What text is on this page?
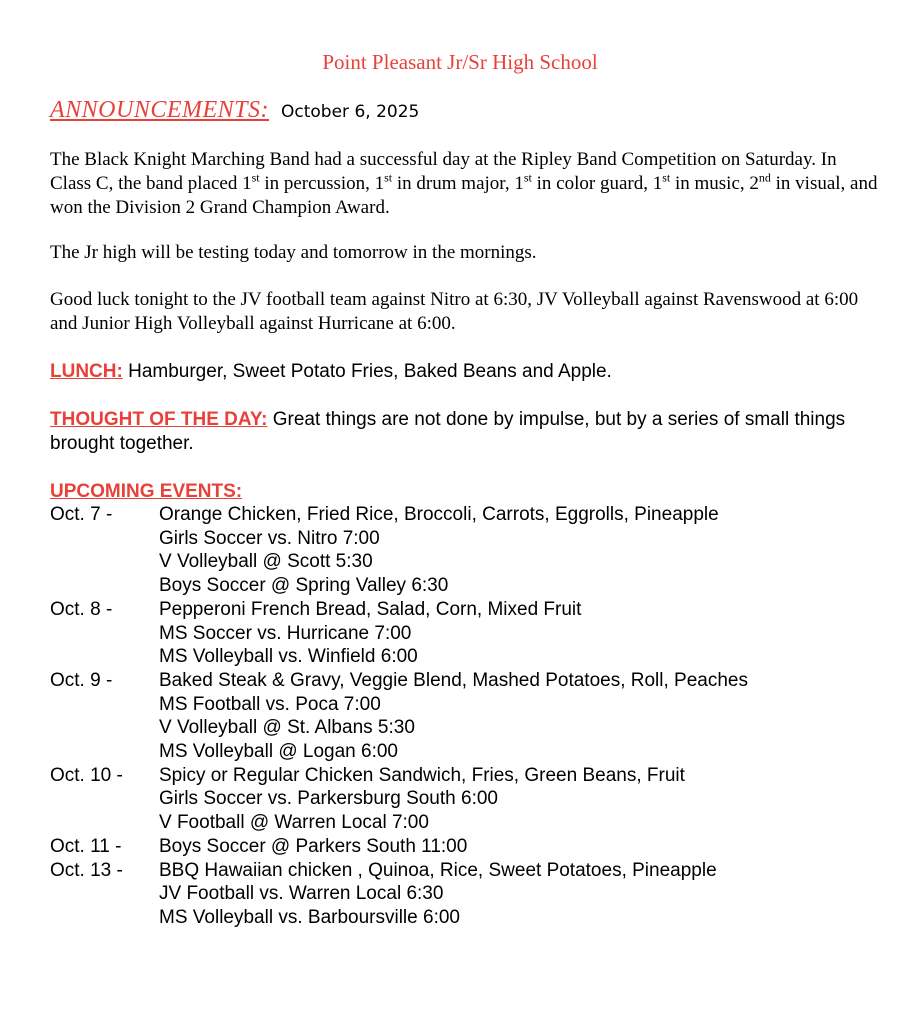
Point Pleasant Jr/Sr High School
ANNOUNCEMENTS: October 6, 2025
The Black Knight Marching Band had a successful day at the Ripley Band Competition on Saturday. In Class C, the band placed 1st in percussion, 1st in drum major, 1st in color guard, 1st in music, 2nd in visual, and won the Division 2 Grand Champion Award.
The Jr high will be testing today and tomorrow in the mornings.
Good luck tonight to the JV football team against Nitro at 6:30, JV Volleyball against Ravenswood at 6:00 and Junior High Volleyball against Hurricane at 6:00.
LUNCH: Hamburger, Sweet Potato Fries, Baked Beans and Apple.
THOUGHT OF THE DAY: Great things are not done by impulse, but by a series of small things brought together.
UPCOMING EVENTS:
Oct. 7 -	Orange Chicken, Fried Rice, Broccoli, Carrots, Eggrolls, Pineapple
Girls Soccer vs. Nitro 7:00
V Volleyball @ Scott 5:30
Boys Soccer @ Spring Valley 6:30
Oct. 8 -	Pepperoni French Bread, Salad, Corn, Mixed Fruit
MS Soccer vs. Hurricane 7:00
MS Volleyball vs. Winfield 6:00
Oct. 9 -	Baked Steak & Gravy, Veggie Blend, Mashed Potatoes, Roll, Peaches
MS Football vs. Poca 7:00
V Volleyball @ St. Albans 5:30
MS Volleyball @ Logan 6:00
Oct. 10 -	Spicy or Regular Chicken Sandwich, Fries, Green Beans, Fruit
Girls Soccer vs. Parkersburg South 6:00
V Football @ Warren Local 7:00
Oct. 11 -	Boys Soccer @ Parkers South 11:00
Oct. 13 -	BBQ Hawaiian chicken , Quinoa, Rice, Sweet Potatoes, Pineapple
JV Football vs. Warren Local 6:30
MS Volleyball vs. Barboursville 6:00
